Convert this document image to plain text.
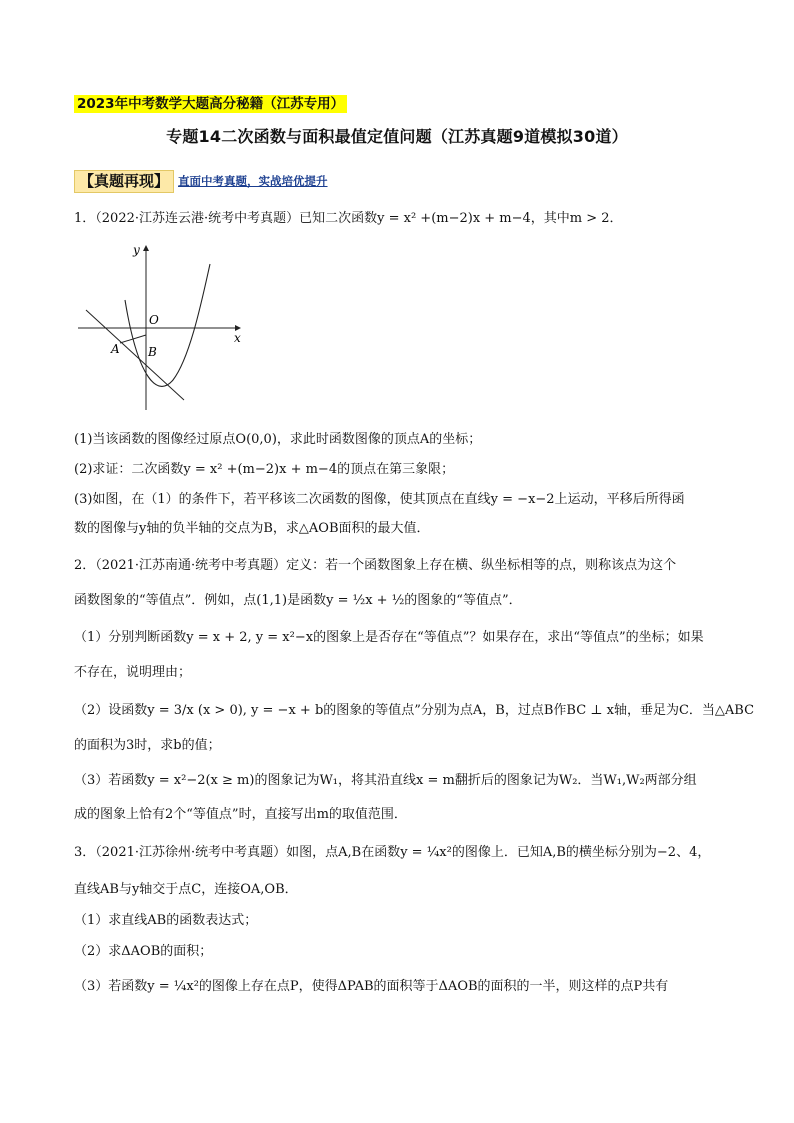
2023年中考数学大题高分秘籍（江苏专用）
专题14二次函数与面积最值定值问题（江苏真题9道模拟30道）
【真题再现】 直面中考真题，实战培优提升
1．（2022·江苏连云港·统考中考真题）已知二次函数y = x² +(m−2)x + m−4，其中m > 2．
y
O
x
A B
(1)当该函数的图像经过原点O(0,0)，求此时函数图像的顶点A的坐标；
(2)求证：二次函数y = x² +(m−2)x + m−4的顶点在第三象限；
(3)如图，在（1）的条件下，若平移该二次函数的图像，使其顶点在直线y = −x−2上运动，平移后所得函
数的图像与y轴的负半轴的交点为B，求△AOB面积的最大值．
2．（2021·江苏南通·统考中考真题）定义：若一个函数图象上存在横、纵坐标相等的点，则称该点为这个
函数图象的“等值点”．例如，点(1,1)是函数y = ½x + ½的图象的“等值点”．
（1）分别判断函数y = x + 2, y = x²−x的图象上是否存在“等值点”？如果存在，求出“等值点”的坐标；如果
不存在，说明理由；
（2）设函数y = 3/x (x > 0), y = −x + b的图象的等值点”分别为点A，B，过点B作BC ⊥ x轴，垂足为C．当△ABC
的面积为3时，求b的值；
（3）若函数y = x²−2(x ≥ m)的图象记为W₁，将其沿直线x = m翻折后的图象记为W₂．当W₁,W₂两部分组
成的图象上恰有2个“等值点”时，直接写出m的取值范围．
3．（2021·江苏徐州·统考中考真题）如图，点A,B在函数y = ¼x²的图像上．已知A,B的横坐标分别为−2、4，
直线AB与y轴交于点C，连接OA,OB．
（1）求直线AB的函数表达式；
（2）求ΔAOB的面积；
（3）若函数y = ¼x²的图像上存在点P，使得ΔPAB的面积等于ΔAOB的面积的一半，则这样的点P共有
